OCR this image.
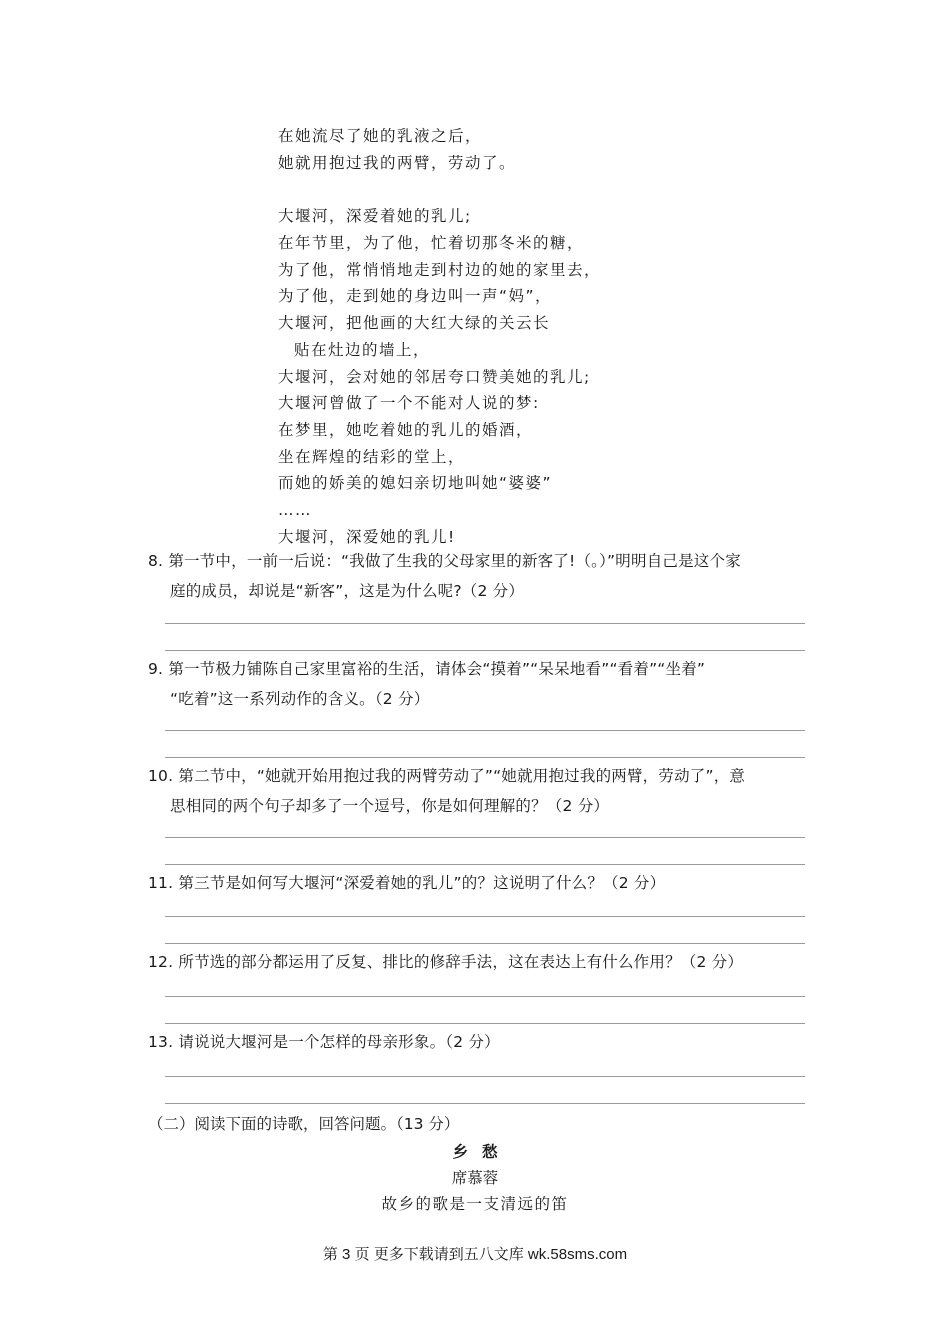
在她流尽了她的乳液之后，
她就用抱过我的两臂，劳动了。
大堰河，深爱着她的乳儿;
在年节里，为了他，忙着切那冬米的糖，
为了他，常悄悄地走到村边的她的家里去，
为了他，走到她的身边叫一声“妈”，
大堰河，把他画的大红大绿的关云长
贴在灶边的墙上，
大堰河，会对她的邻居夸口赞美她的乳儿;
大堰河曾做了一个不能对人说的梦:
在梦里，她吃着她的乳儿的婚酒，
坐在辉煌的结彩的堂上，
而她的娇美的媳妇亲切地叫她“婆婆”
……
大堰河，深爱她的乳儿!
8. 第一节中，一前一后说：“我做了生我的父母家里的新客了!（。）”明明自己是这个家
庭的成员，却说是“新客”，这是为什么呢?（2 分）
9. 第一节极力铺陈自己家里富裕的生活，请体会“摸着”“呆呆地看”“看着”“坐着”
“吃着”这一系列动作的含义。（2 分）
10. 第二节中，“她就开始用抱过我的两臂劳动了”“她就用抱过我的两臂，劳动了”，意
思相同的两个句子却多了一个逗号，你是如何理解的？（2 分）
11. 第三节是如何写大堰河“深爱着她的乳儿”的？这说明了什么？（2 分）
12. 所节选的部分都运用了反复、排比的修辞手法，这在表达上有什么作用？（2 分）
13. 请说说大堰河是一个怎样的母亲形象。（2 分）
（二）阅读下面的诗歌，回答问题。（13 分）
乡愁
席慕蓉
故乡的歌是一支清远的笛
第 3 页 更多下载请到五八文库 wk.58sms.com
